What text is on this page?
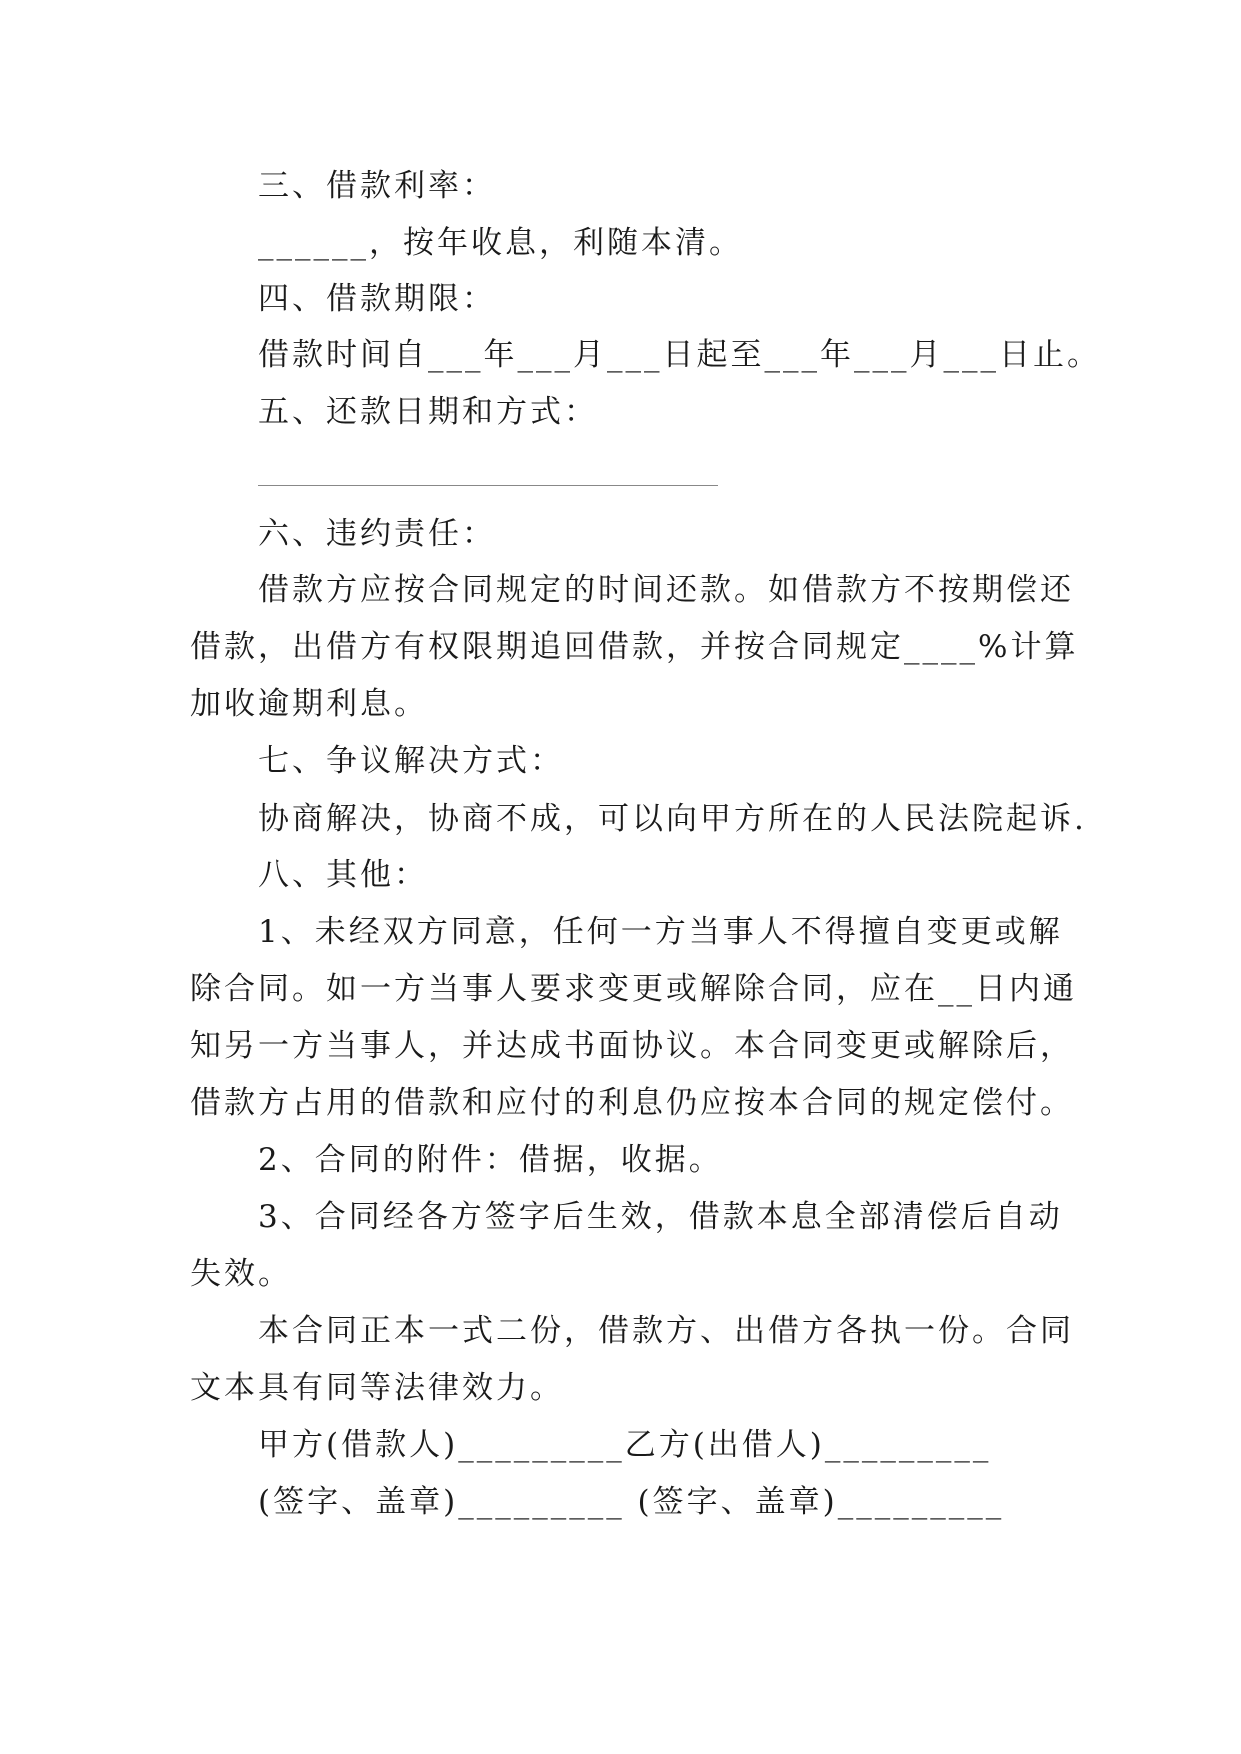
三、借款利率：
______，按年收息，利随本清。
四、借款期限：
借款时间自___年___月___日起至___年___月___日止。
五、还款日期和方式：
六、违约责任：
借款方应按合同规定的时间还款。如借款方不按期偿还
借款，出借方有权限期追回借款，并按合同规定____%计算
加收逾期利息。
七、争议解决方式：
协商解决，协商不成，可以向甲方所在的人民法院起诉.
八、其他：
1、未经双方同意，任何一方当事人不得擅自变更或解
除合同。如一方当事人要求变更或解除合同，应在__日内通
知另一方当事人，并达成书面协议。本合同变更或解除后，
借款方占用的借款和应付的利息仍应按本合同的规定偿付。
2、合同的附件：借据，收据。
3、合同经各方签字后生效，借款本息全部清偿后自动
失效。
本合同正本一式二份，借款方、出借方各执一份。合同
文本具有同等法律效力。
甲方(借款人)_________乙方(出借人)_________
(签字、盖章)_________ (签字、盖章)_________
